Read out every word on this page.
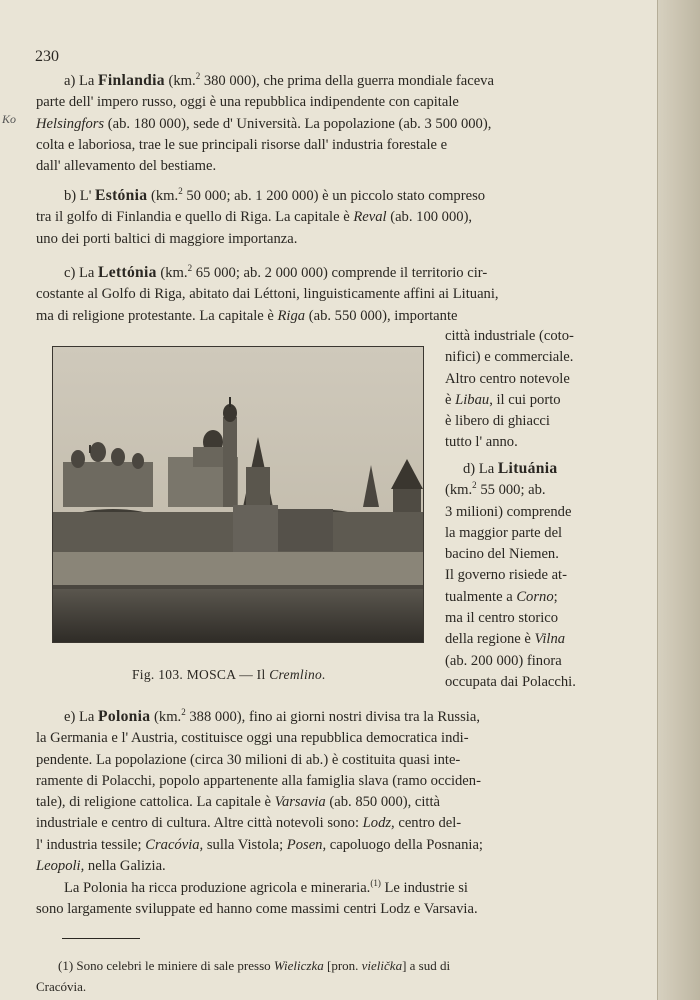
230
Ko
a) La Finlandia (km.$^2$ 380 000), che prima della guerra mondiale faceva
parte dell' impero russo, oggi è una repubblica indipendente con capitale
Helsingfors (ab. 180 000), sede d' Università. La popolazione (ab. 3 500 000),
colta e laboriosa, trae le sue principali risorse dall' industria forestale e
dall' allevamento del bestiame.
b) L' Estónia (km.$^2$ 50 000; ab. 1 200 000) è un piccolo stato compreso
tra il golfo di Finlandia e quello di Riga. La capitale è Reval (ab. 100 000),
uno dei porti baltici di maggiore importanza.
c) La Lettónia (km.$^2$ 65 000; ab. 2 000 000) comprende il territorio cir-
costante al Golfo di Riga, abitato dai Léttoni, linguisticamente affini ai Lituani,
ma di religione protestante. La capitale è Riga (ab. 550 000), importante
città industriale (coto-
nifici) e commerciale.
Altro centro notevole
è Libau, il cui porto
è libero di ghiacci
tutto l' anno.
d) La Lituánia
(km.$^2$ 55 000; ab.
3 milioni) comprende
la maggior parte del
bacino del Niemen.
Il governo risiede at-
tualmente a Corno;
ma il centro storico
della regione è Vilna
(ab. 200 000) finora
occupata dai Polacchi.
Fig. 103. MOSCA — Il Cremlino.
e) La Polonia (km.$^2$ 388 000), fino ai giorni nostri divisa tra la Russia,
la Germania e l' Austria, costituisce oggi una repubblica democratica indi-
pendente. La popolazione (circa 30 milioni di ab.) è costituita quasi inte-
ramente di Polacchi, popolo appartenente alla famiglia slava (ramo occiden-
tale), di religione cattolica. La capitale è Varsavia (ab. 850 000), città
industriale e centro di cultura. Altre città notevoli sono: Lodz, centro del-
l' industria tessile; Cracóvia, sulla Vistola; Posen, capoluogo della Posnania;
Leopoli, nella Galizia.
La Polonia ha ricca produzione agricola e mineraria.$^{(1)}$ Le industrie si
sono largamente sviluppate ed hanno come massimi centri Lodz e Varsavia.
(1) Sono celebri le miniere di sale presso Wieliczka [pron. vielička] a sud di
Cracóvia.
